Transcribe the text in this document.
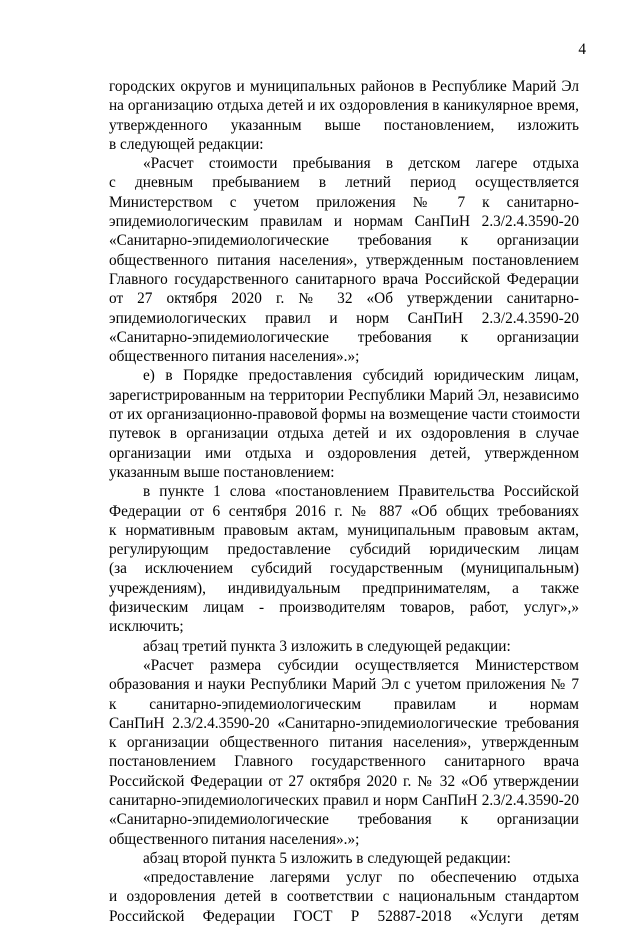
4
городских округов и муниципальных районов в Республике Марий Эл
на организацию отдыха детей и их оздоровления в каникулярное время,
утвержденного указанным выше постановлением, изложить
в следующей редакции:
«Расчет стоимости пребывания в детском лагере отдыха
с дневным пребыванием в летний период осуществляется
Министерством с учетом приложения № 7 к санитарно-
эпидемиологическим правилам и нормам СанПиН 2.3/2.4.3590-20
«Санитарно-эпидемиологические требования к организации
общественного питания населения», утвержденным постановлением
Главного государственного санитарного врача Российской Федерации
от 27 октября 2020 г. № 32 «Об утверждении санитарно-
эпидемиологических правил и норм СанПиН 2.3/2.4.3590-20
«Санитарно-эпидемиологические требования к организации
общественного питания населения».»;
е) в Порядке предоставления субсидий юридическим лицам,
зарегистрированным на территории Республики Марий Эл, независимо
от их организационно-правовой формы на возмещение части стоимости
путевок в организации отдыха детей и их оздоровления в случае
организации ими отдыха и оздоровления детей, утвержденном
указанным выше постановлением:
в пункте 1 слова «постановлением Правительства Российской
Федерации от 6 сентября 2016 г. № 887 «Об общих требованиях
к нормативным правовым актам, муниципальным правовым актам,
регулирующим предоставление субсидий юридическим лицам
(за исключением субсидий государственным (муниципальным)
учреждениям), индивидуальным предпринимателям, а также
физическим лицам - производителям товаров, работ, услуг»,»
исключить;
абзац третий пункта 3 изложить в следующей редакции:
«Расчет размера субсидии осуществляется Министерством
образования и науки Республики Марий Эл с учетом приложения № 7
к санитарно-эпидемиологическим правилам и нормам
СанПиН 2.3/2.4.3590-20 «Санитарно-эпидемиологические требования
к организации общественного питания населения», утвержденным
постановлением Главного государственного санитарного врача
Российской Федерации от 27 октября 2020 г. № 32 «Об утверждении
санитарно-эпидемиологических правил и норм СанПиН 2.3/2.4.3590-20
«Санитарно-эпидемиологические требования к организации
общественного питания населения».»;
абзац второй пункта 5 изложить в следующей редакции:
«предоставление лагерями услуг по обеспечению отдыха
и оздоровления детей в соответствии с национальным стандартом
Российской Федерации ГОСТ Р 52887-2018 «Услуги детям
